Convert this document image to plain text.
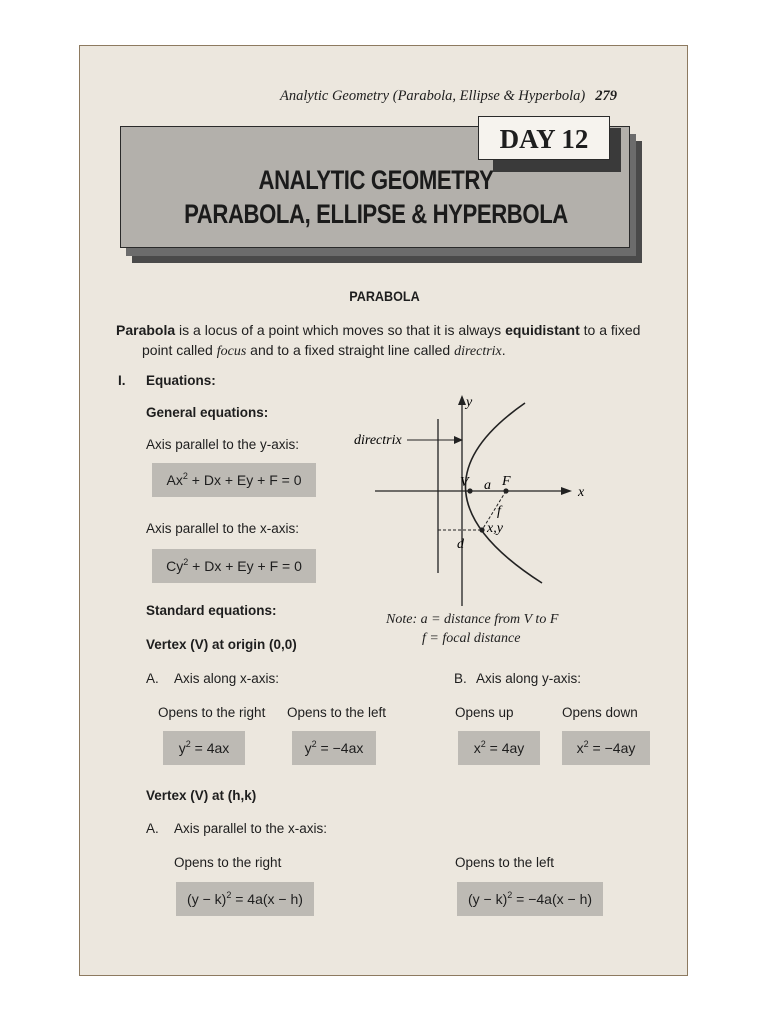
Analytic Geometry (Parabola, Ellipse & Hyperbola) 279
ANALYTIC GEOMETRY
PARABOLA, ELLIPSE & HYPERBOLA
DAY 12
PARABOLA
Parabola is a locus of a point which moves so that it is always equidistant to a fixed
point called focus and to a fixed straight line called directrix.
I. Equations:
General equations:
Axis parallel to the y-axis:
$Ax^2 + Dx + Ey + F = 0$
Axis parallel to the x-axis:
$Cy^2 + Dx + Ey + F = 0$
directrix
y
x
V a F
f
x,y
d
Note: a = distance from V to F
f = focal distance
Standard equations:
Vertex (V) at origin (0,0)
A. Axis along x-axis:	B. Axis along y-axis:
Opens to the right Opens to the left	Opens up	Opens down
$y^2 = 4ax$	$y^2 = -4ax$	$x^2 = 4ay$	$x^2 = -4ay$
Vertex (V) at (h,k)
A. Axis parallel to the x-axis:
Opens to the right	Opens to the left
$(y - k)^2 = 4a(x - h)$	$(y - k)^2 = -4a(x - h)$
